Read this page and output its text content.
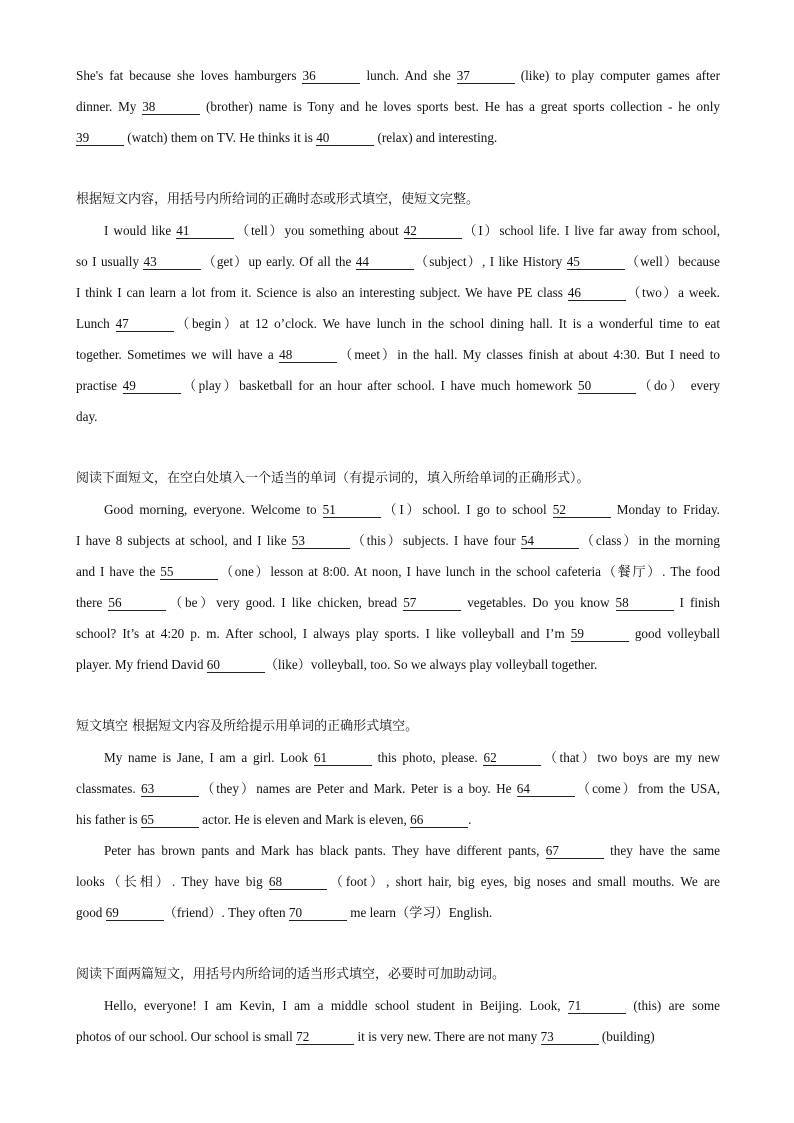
She's fat because she loves hamburgers 36	lunch. And she 37	(like) to play computer games after
dinner. My 38	(brother) name is Tony and he loves sports best. He has a great sports collection - he only
39	(watch) them on TV. He thinks it is 40	(relax) and interesting.
根据短文内容，用括号内所给词的正确时态或形式填空，使短文完整。
I would like 41	（tell）you something about 42	（I）school life. I live far away from school,
so I usually 43	（get）up early. Of all the 44	（subject）, I like History 45	（well）because
I think I can learn a lot from it. Science is also an interesting subject. We have PE class 46	（two）a week.
Lunch 47	（begin）at 12 o’clock. We have lunch in the school dining hall. It is a wonderful time to eat
together. Sometimes we will have a 48	（meet）in the hall. My classes finish at about 4:30. But I need to
practise 49	（play）basketball for an hour after school. I have much homework 50	（do） every
day.
阅读下面短文，在空白处填入一个适当的单词（有提示词的，填入所给单词的正确形式）。
Good morning, everyone. Welcome to 51	（I）school. I go to school 52	Monday to Friday.
I have 8 subjects at school, and I like 53	（this）subjects. I have four 54	（class）in the morning
and I have the 55	（one）lesson at 8:00. At noon, I have lunch in the school cafeteria（餐厅）. The food
there 56	（be）very good. I like chicken, bread 57	vegetables. Do you know 58	I finish
school? It’s at 4:20 p. m. After school, I always play sports. I like volleyball and I’m 59	good volleyball
player. My friend David 60	（like）volleyball, too. So we always play volleyball together.
短文填空 根据短文内容及所给提示用单词的正确形式填空。
My name is Jane, I am a girl. Look 61	this photo, please. 62	（that）two boys are my new
classmates. 63	（they）names are Peter and Mark. Peter is a boy. He 64	（come）from the USA,
his father is 65	actor. He is eleven and Mark is eleven, 66	.
Peter has brown pants and Mark has black pants. They have different pants, 67	they have the same
looks（长相）. They have big 68	（foot）, short hair, big eyes, big noses and small mouths. We are
good 69	（friend）. They often 70	me learn（学习）English.
阅读下面两篇短文，用括号内所给词的适当形式填空，必要时可加助动词。
Hello, everyone! I am Kevin, I am a middle school student in Beijing. Look, 71	(this) are some
photos of our school. Our school is small 72	it is very new. There are not many 73	(building)
